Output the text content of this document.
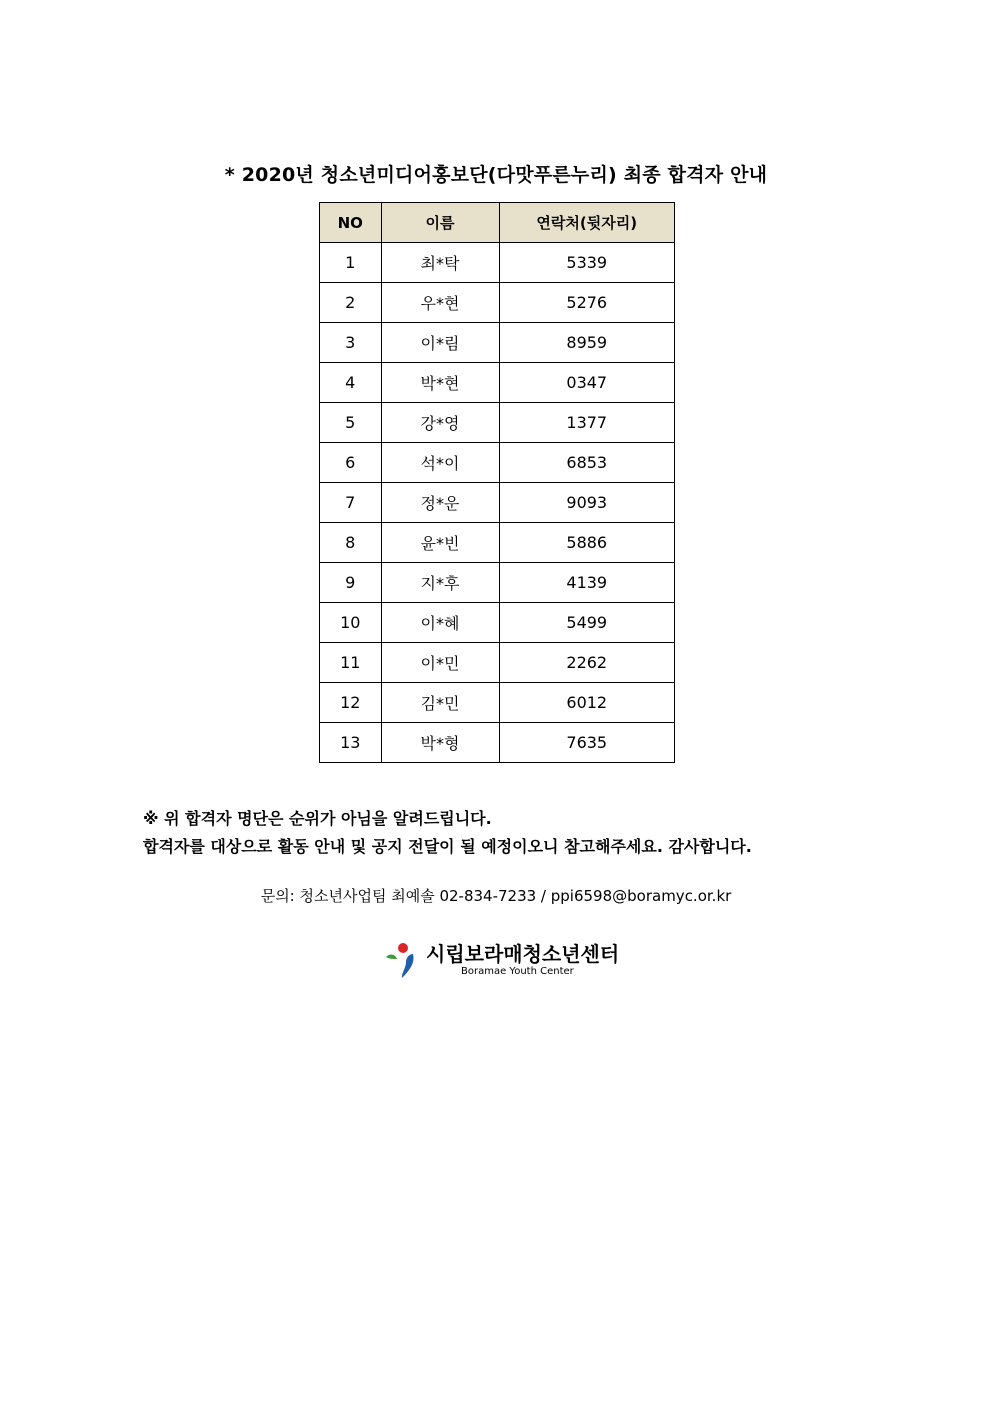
* 2020년 청소년미디어홍보단(다맛푸른누리) 최종 합격자 안내
NO	이름	연락처(뒷자리)
1	최*탁	5339
2	우*현	5276
3	이*림	8959
4	박*현	0347
5	강*영	1377
6	석*이	6853
7	정*운	9093
8	윤*빈	5886
9	지*후	4139
10	이*혜	5499
11	이*민	2262
12	김*민	6012
13	박*형	7635
※ 위 합격자 명단은 순위가 아님을 알려드립니다.
합격자를 대상으로 활동 안내 및 공지 전달이 될 예정이오니 참고해주세요. 감사합니다.
문의: 청소년사업팀 최예솔 02-834-7233 / ppi6598@boramyc.or.kr
시립보라매청소년센터
Boramae Youth Center
